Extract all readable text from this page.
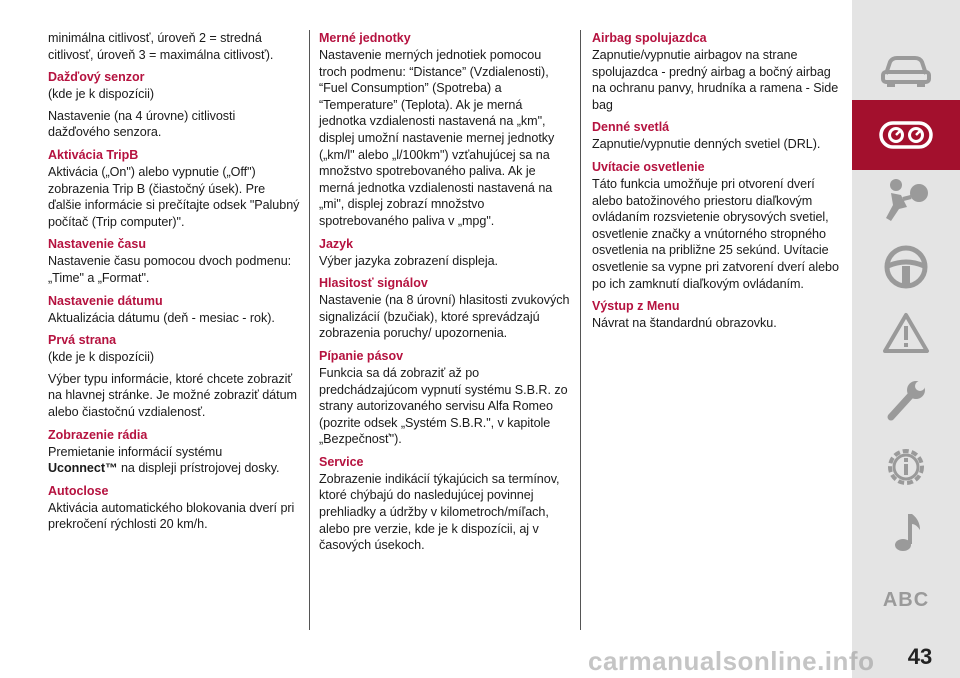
minimálna citlivosť, úroveň 2 = stredná citlivosť, úroveň 3 = maximálna citlivosť).

Dažďový senzor

(kde je k dispozícii)

Nastavenie (na 4 úrovne) citlivosti dažďového senzora.

Aktivácia TripB

Aktivácia („On") alebo vypnutie („Off") zobrazenia Trip B (čiastočný úsek). Pre ďalšie informácie si prečítajte odsek "Palubný počítač (Trip computer)".

Nastavenie času

Nastavenie času pomocou dvoch podmenu: „Time" a „Format".

Nastavenie dátumu

Aktualizácia dátumu (deň - mesiac - rok).

Prvá strana

(kde je k dispozícii)

Výber typu informácie, ktoré chcete zobraziť na hlavnej stránke. Je možné zobraziť dátum alebo čiastočnú vzdialenosť.

Zobrazenie rádia

Premietanie informácií systému
Uconnect™ na displeji prístrojovej dosky.

Autoclose

Aktivácia automatického blokovania dverí pri prekročení rýchlosti 20 km/h.

Merné jednotky

Nastavenie merných jednotiek pomocou troch podmenu: “Distance” (Vzdialenosti), “Fuel Consumption” (Spotreba) a “Temperature” (Teplota). Ak je merná jednotka vzdialenosti nastavená na „km", displej umožní nastavenie mernej jednotky („km/l" alebo „l/100km") vzťahujúcej sa na množstvo spotrebovaného paliva. Ak je merná jednotka vzdialenosti nastavená na „mi", displej zobrazí množstvo spotrebovaného paliva v „mpg".

Jazyk

Výber jazyka zobrazení displeja.

Hlasitosť signálov

Nastavenie (na 8 úrovní) hlasitosti zvukových signalizácií (bzučiak), ktoré sprevádzajú zobrazenia poruchy/ upozornenia.

Pípanie pásov

Funkcia sa dá zobraziť až po predchádzajúcom vypnutí systému S.B.R. zo strany autorizovaného servisu Alfa Romeo (pozrite odsek „Systém S.B.R.", v kapitole „Bezpečnosť").

Service

Zobrazenie indikácií týkajúcich sa termínov, ktoré chýbajú do nasledujúcej povinnej prehliadky a údržby v kilometroch/míľach, alebo pre verzie, kde je k dispozícii, aj v časových úsekoch.

Airbag spolujazdca

Zapnutie/vypnutie airbagov na strane spolujazdca - predný airbag a bočný airbag na ochranu panvy, hrudníka a ramena - Side bag

Denné svetlá

Zapnutie/vypnutie denných svetiel (DRL).

Uvítacie osvetlenie

Táto funkcia umožňuje pri otvorení dverí alebo batožinového priestoru diaľkovým ovládaním rozsvietenie obrysových svetiel, osvetlenie značky a vnútorného stropného osvetlenia na približne 25 sekúnd. Uvítacie osvetlenie sa vypne pri zatvorení dverí alebo po ich zamknutí diaľkovým ovládaním.

Výstup z Menu

Návrat na štandardnú obrazovku.

ABC
carmanualsonline.info	43
